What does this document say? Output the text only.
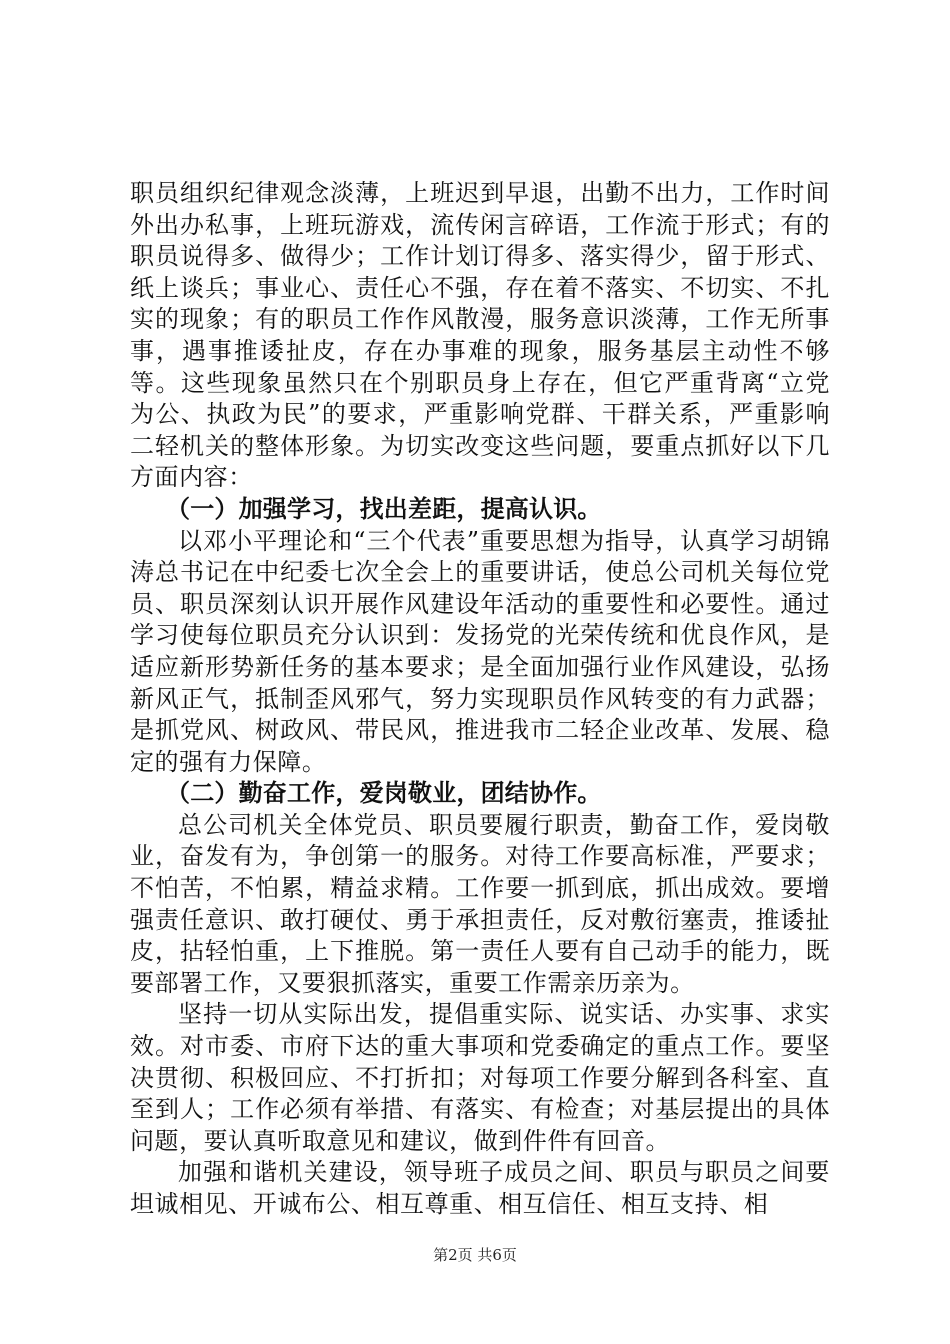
职员组织纪律观念淡薄，上班迟到早退，出勤不出力，工作时间外出办私事，上班玩游戏，流传闲言碎语，工作流于形式；有的职员说得多、做得少；工作计划订得多、落实得少，留于形式、纸上谈兵；事业心、责任心不强，存在着不落实、不切实、不扎实的现象；有的职员工作作风散漫，服务意识淡薄，工作无所事事，遇事推诿扯皮，存在办事难的现象，服务基层主动性不够等。这些现象虽然只在个别职员身上存在，但它严重背离“立党为公、执政为民”的要求，严重影响党群、干群关系，严重影响二轻机关的整体形象。为切实改变这些问题，要重点抓好以下几方面内容：

（一）加强学习，找出差距，提高认识。

以邓小平理论和“三个代表”重要思想为指导，认真学习胡锦涛总书记在中纪委七次全会上的重要讲话，使总公司机关每位党员、职员深刻认识开展作风建设年活动的重要性和必要性。通过学习使每位职员充分认识到：发扬党的光荣传统和优良作风，是适应新形势新任务的基本要求；是全面加强行业作风建设，弘扬新风正气，抵制歪风邪气，努力实现职员作风转变的有力武器；是抓党风、树政风、带民风，推进我市二轻企业改革、发展、稳定的强有力保障。

（二）勤奋工作，爱岗敬业，团结协作。

总公司机关全体党员、职员要履行职责，勤奋工作，爱岗敬业，奋发有为，争创第一的服务。对待工作要高标准，严要求；不怕苦，不怕累，精益求精。工作要一抓到底，抓出成效。要增强责任意识、敢打硬仗、勇于承担责任，反对敷衍塞责，推诿扯皮，拈轻怕重，上下推脱。第一责任人要有自己动手的能力，既要部署工作，又要狠抓落实，重要工作需亲历亲为。

坚持一切从实际出发，提倡重实际、说实话、办实事、求实效。对市委、市府下达的重大事项和党委确定的重点工作。要坚决贯彻、积极回应、不打折扣；对每项工作要分解到各科室、直至到人；工作必须有举措、有落实、有检查；对基层提出的具体问题，要认真听取意见和建议，做到件件有回音。

加强和谐机关建设，领导班子成员之间、职员与职员之间要坦诚相见、开诚布公、相互尊重、相互信任、相互支持、相

第2页 共6页
